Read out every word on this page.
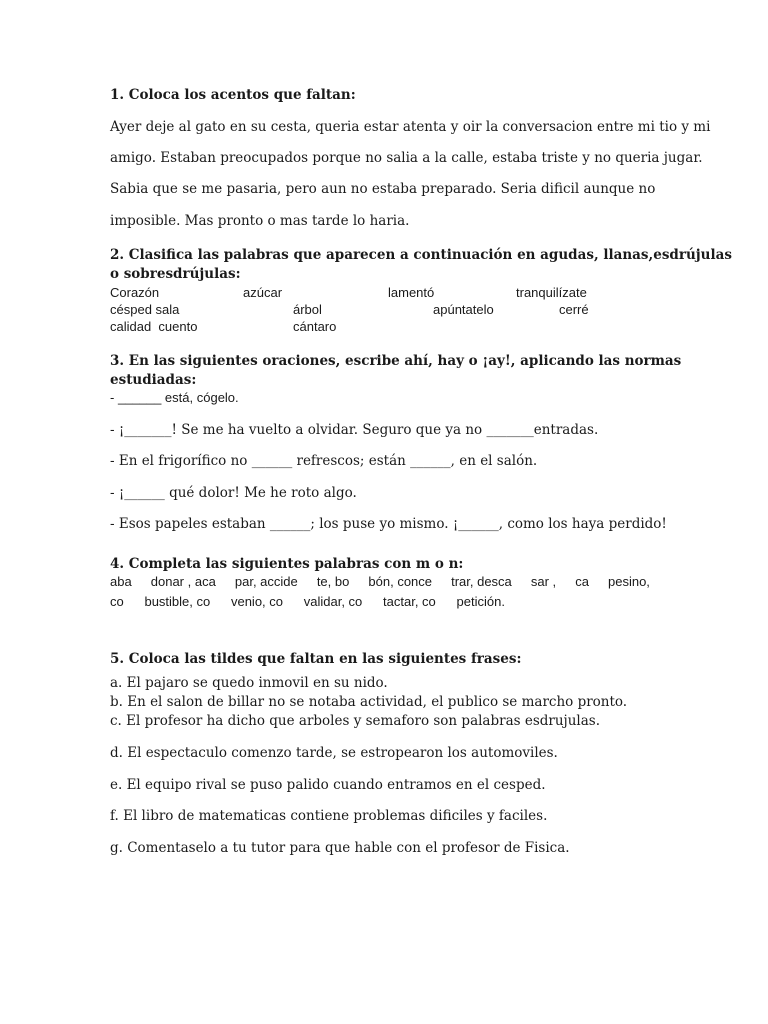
1. Coloca los acentos que faltan:
Ayer deje al gato en su cesta, queria estar atenta y oir la conversacion entre mi tio y mi
amigo. Estaban preocupados porque no salia a la calle, estaba triste y no queria jugar.
Sabia que se me pasaria, pero aun no estaba preparado. Seria dificil aunque no
imposible. Mas pronto o mas tarde lo haria.
2. Clasifica las palabras que aparecen a continuación en agudas, llanas,esdrújulas
o sobresdrújulas:
Corazón	azúcar	lamentó	tranquilízate
césped sala	árbol	apúntatelo	cerré
calidad  cuento	cántaro
3. En las siguientes oraciones, escribe ahí, hay o ¡ay!, aplicando las normas
estudiadas:
- ______ está, cógelo.
- ¡_______! Se me ha vuelto a olvidar. Seguro que ya no _______entradas.
- En el frigorífico no ______ refrescos; están ______, en el salón.
- ¡______ qué dolor! Me he roto algo.
- Esos papeles estaban ______; los puse yo mismo. ¡______, como los haya perdido!
4. Completa las siguientes palabras con m o n:
aba donar , aca par, accide te, bo bón, conce trar, desca sar , ca pesino,
co bustible, co venio, co validar, co tactar, co petición.
5. Coloca las tildes que faltan en las siguientes frases:
a. El pajaro se quedo inmovil en su nido.
b. En el salon de billar no se notaba actividad, el publico se marcho pronto.
c. El profesor ha dicho que arboles y semaforo son palabras esdrujulas.
d. El espectaculo comenzo tarde, se estropearon los automoviles.
e. El equipo rival se puso palido cuando entramos en el cesped.
f. El libro de matematicas contiene problemas dificiles y faciles.
g. Comentaselo a tu tutor para que hable con el profesor de Fisica.
